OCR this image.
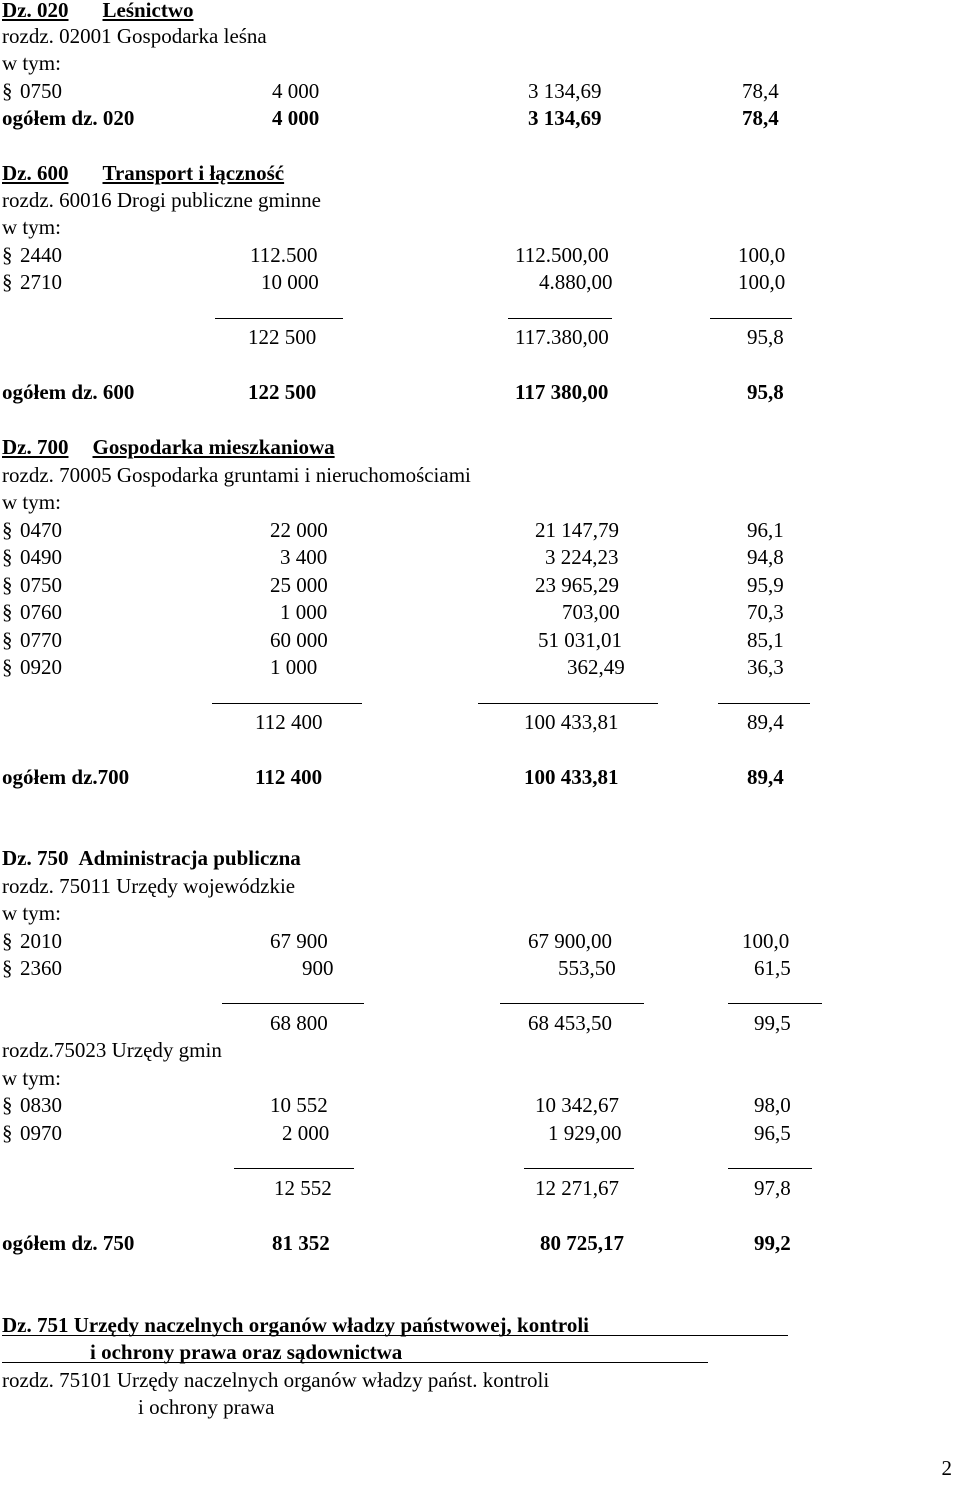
Dz. 020 Leśnictwo
rozdz. 02001 Gospodarka leśna
w tym:
§ 0750	4 000	3 134,69	78,4
ogółem dz. 020	4 000	3 134,69	78,4
Dz. 600 Transport i łączność
rozdz. 60016 Drogi publiczne gminne
w tym:
§ 2440	112.500	112.500,00	100,0
§ 2710	10 000	4.880,00	100,0
122 500	117.380,00	95,8
ogółem dz. 600	122 500	117 380,00	95,8
Dz. 700 Gospodarka mieszkaniowa
rozdz. 70005 Gospodarka gruntami i nieruchomościami
w tym:
§ 0470	22 000	21 147,79	96,1
§ 0490	3 400	3 224,23	94,8
§ 0750	25 000	23 965,29	95,9
§ 0760	1 000	703,00	70,3
§ 0770	60 000	51 031,01	85,1
§ 0920	1 000	362,49	36,3
112 400	100 433,81	89,4
ogółem dz.700	112 400	100 433,81	89,4
Dz. 750 Administracja publiczna
rozdz. 75011 Urzędy wojewódzkie
w tym:
§ 2010	67 900	67 900,00	100,0
§ 2360	900	553,50	61,5
68 800	68 453,50	99,5
rozdz.75023 Urzędy gmin
w tym:
§ 0830	10 552	10 342,67	98,0
§ 0970	2 000	1 929,00	96,5
12 552	12 271,67	97,8
ogółem dz. 750	81 352	80 725,17	99,2
Dz. 751 Urzędy naczelnych organów władzy państwowej, kontroli
i ochrony prawa oraz sądownictwa
rozdz. 75101 Urzędy naczelnych organów władzy państ. kontroli
i ochrony prawa
2
